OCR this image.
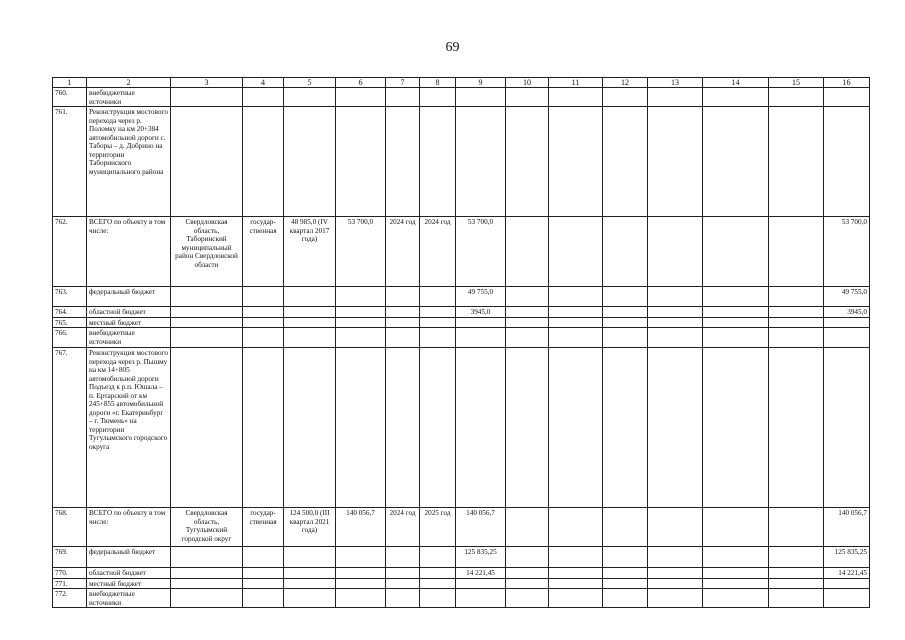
69
1	2	3	4	5	6	7	8	9	10	11	12	13	14	15	16
760.	внебюджетные источники														
761.	Реконструкция мостового перехода через р. Поломку на км 20+384 автомобильной дороги с. Таборы – д. Добрино на территории Таборинского муниципального района														
762.	ВСЕГО по объекту в том числе:	Свердловская область, Таборинский муниципальный район Свердловской области	государ-ственная	48 985,0 (IV квартал 2017 года)	53 700,0	2024 год	2024 год	53 700,0							53 700,0
763.	федеральный бюджет							49 755,0							49 755,0
764.	областной бюджет							3945,0							3945,0
765.	местный бюджет														
766.	внебюджетные источники														
767.	Реконструкция мостового перехода через р. Пышму на км 14+805 автомобильной дороги Подъезд к р.п. Юшала – п. Ертарский от км 245+855 автомобильной дороги «г. Екатеринбург – г. Тюмень» на территории Тугулымского городского округа														
768.	ВСЕГО по объекту в том числе:	Свердловская область, Тугулымский городской округ	государ-ственная	124 500,0 (III квартал 2021 года)	140 056,7	2024 год	2025 год	140 056,7							140 056,7
769.	федеральный бюджет							125 835,25							125 835,25
770.	областной бюджет							14 221,45							14 221,45
771.	местный бюджет														
772.	внебюджетные источники														
